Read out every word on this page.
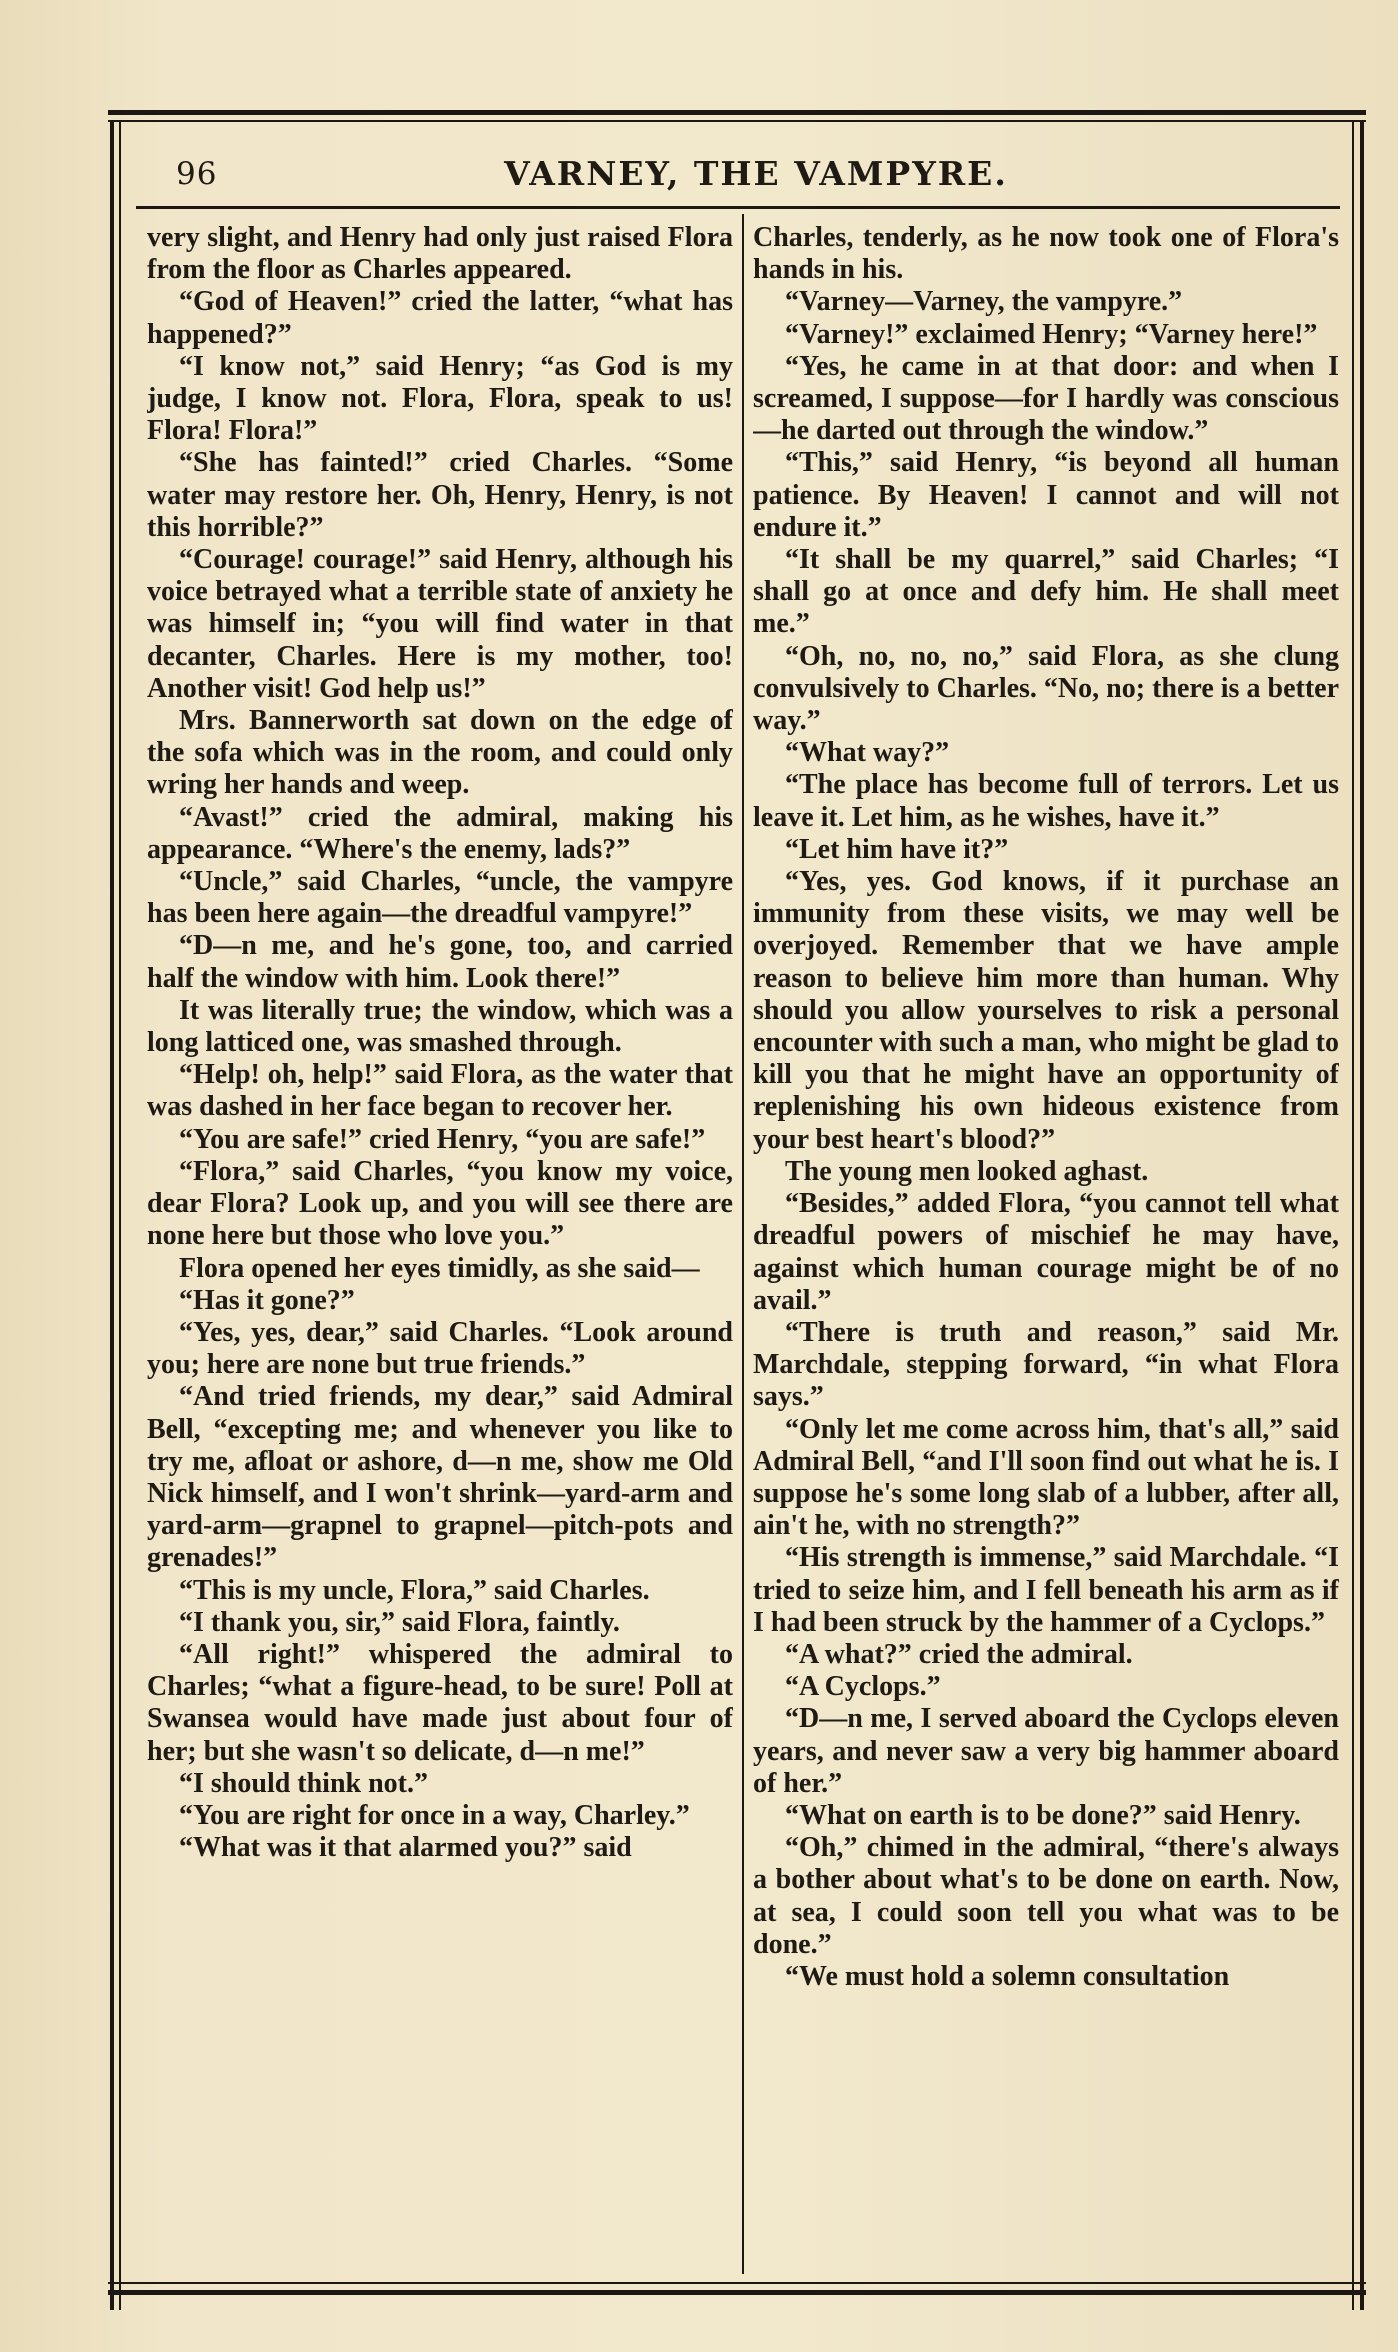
96	VARNEY, THE VAMPYRE.

very slight, and Henry had only just raised Flora from the floor as Charles appeared.

“God of Heaven!” cried the latter, “what has happened?”

“I know not,” said Henry; “as God is my judge, I know not. Flora, Flora, speak to us! Flora! Flora!”

“She has fainted!” cried Charles. “Some water may restore her. Oh, Henry, Henry, is not this horrible?”

“Courage! courage!” said Henry, although his voice betrayed what a terrible state of anxiety he was himself in; “you will find water in that decanter, Charles. Here is my mother, too! Another visit! God help us!”

Mrs. Bannerworth sat down on the edge of the sofa which was in the room, and could only wring her hands and weep.

“Avast!” cried the admiral, making his appearance. “Where's the enemy, lads?”

“Uncle,” said Charles, “uncle, the vampyre has been here again—the dreadful vampyre!”

“D—n me, and he's gone, too, and carried half the window with him. Look there!”

It was literally true; the window, which was a long latticed one, was smashed through.

“Help! oh, help!” said Flora, as the water that was dashed in her face began to recover her.

“You are safe!” cried Henry, “you are safe!”

“Flora,” said Charles, “you know my voice, dear Flora? Look up, and you will see there are none here but those who love you.”

Flora opened her eyes timidly, as she said—

“Has it gone?”

“Yes, yes, dear,” said Charles. “Look around you; here are none but true friends.”

“And tried friends, my dear,” said Admiral Bell, “excepting me; and whenever you like to try me, afloat or ashore, d—n me, show me Old Nick himself, and I won't shrink—yard-arm and yard-arm—grapnel to grapnel—pitch-pots and grenades!”

“This is my uncle, Flora,” said Charles.

“I thank you, sir,” said Flora, faintly.

“All right!” whispered the admiral to Charles; “what a figure-head, to be sure! Poll at Swansea would have made just about four of her; but she wasn't so delicate, d—n me!”

“I should think not.”

“You are right for once in a way, Charley.”

“What was it that alarmed you?” said

Charles, tenderly, as he now took one of Flora's hands in his.

“Varney—Varney, the vampyre.”

“Varney!” exclaimed Henry; “Varney here!”

“Yes, he came in at that door: and when I screamed, I suppose—for I hardly was conscious—he darted out through the window.”

“This,” said Henry, “is beyond all human patience. By Heaven! I cannot and will not endure it.”

“It shall be my quarrel,” said Charles; “I shall go at once and defy him. He shall meet me.”

“Oh, no, no, no,” said Flora, as she clung convulsively to Charles. “No, no; there is a better way.”

“What way?”

“The place has become full of terrors. Let us leave it. Let him, as he wishes, have it.”

“Let him have it?”

“Yes, yes. God knows, if it purchase an immunity from these visits, we may well be overjoyed. Remember that we have ample reason to believe him more than human. Why should you allow yourselves to risk a personal encounter with such a man, who might be glad to kill you that he might have an opportunity of replenishing his own hideous existence from your best heart's blood?”

The young men looked aghast.

“Besides,” added Flora, “you cannot tell what dreadful powers of mischief he may have, against which human courage might be of no avail.”

“There is truth and reason,” said Mr. Marchdale, stepping forward, “in what Flora says.”

“Only let me come across him, that's all,” said Admiral Bell, “and I'll soon find out what he is. I suppose he's some long slab of a lubber, after all, ain't he, with no strength?”

“His strength is immense,” said Marchdale. “I tried to seize him, and I fell beneath his arm as if I had been struck by the hammer of a Cyclops.”

“A what?” cried the admiral.

“A Cyclops.”

“D—n me, I served aboard the Cyclops eleven years, and never saw a very big hammer aboard of her.”

“What on earth is to be done?” said Henry.

“Oh,” chimed in the admiral, “there's always a bother about what's to be done on earth. Now, at sea, I could soon tell you what was to be done.”

“We must hold a solemn consultation
